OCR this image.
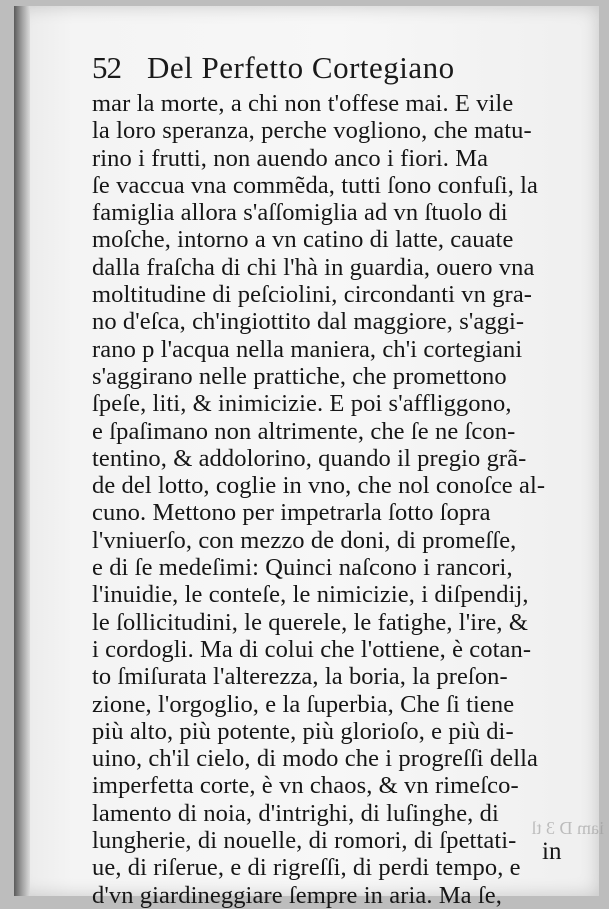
52 Del Perfetto Cortegiano
mar la morte, a chi non t'offese mai. E vile
la loro speranza, perche vogliono, che matu-
rino i frutti, non auendo anco i fiori. Ma
ſe vaccua vna commẽda, tutti ſono confuſi, la
famiglia allora s'aſſomiglia ad vn ſtuolo di
moſche, intorno a vn catino di latte, cauate
dalla fraſcha di chi l'hà in guardia, ouero vna
moltitudine di peſciolini, circondanti vn gra-
no d'eſca, ch'ingiottito dal maggiore, s'aggi-
rano p l'acqua nella maniera, ch'i cortegiani
s'aggirano nelle prattiche, che promettono
ſpeſe, liti, & inimicizie. E poi s'affliggono,
e ſpaſimano non altrimente, che ſe ne ſcon-
tentino, & addolorino, quando il pregio grã-
de del lotto, coglie in vno, che nol conoſce al-
cuno. Mettono per impetrarla ſotto ſopra
l'vniuerſo, con mezzo de doni, di promeſſe,
e di ſe medeſimi: Quinci naſcono i rancori,
l'inuidie, le conteſe, le nimicizie, i diſpendij,
le ſollicitudini, le querele, le fatighe, l'ire, &
i cordogli. Ma di colui che l'ottiene, è cotan-
to ſmiſurata l'alterezza, la boria, la preſon-
zione, l'orgoglio, e la ſuperbia, Che ſi tiene
più alto, più potente, più glorioſo, e più di-
uino, ch'il cielo, di modo che i progreſſi della
imperfetta corte, è vn chaos, & vn rimeſco-
lamento di noia, d'intrighi, di luſinghe, di
lungherie, di nouelle, di romori, di ſpettati-
ue, di riſerue, e di rigreſſi, di perdi tempo, e
d'vn giardineggiare ſempre in aria. Ma ſe,
iam D 3 tl
in
